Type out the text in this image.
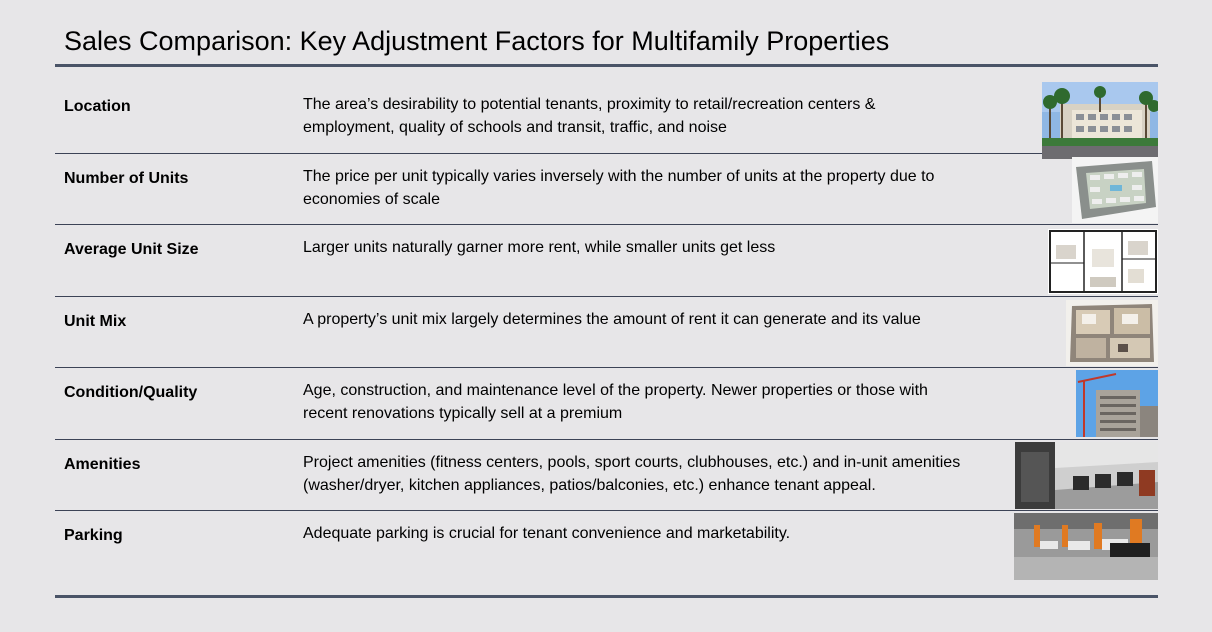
Sales Comparison: Key Adjustment Factors for Multifamily Properties
Location	The area’s desirability to potential tenants, proximity to retail/recreation centers & employment, quality of schools and transit, traffic, and noise
Number of Units	The price per unit typically varies inversely with the number of units at the property due to economies of scale
Average Unit Size	Larger units naturally garner more rent, while smaller units get less
Unit Mix	A property’s unit mix largely determines the amount of rent it can generate and its value
Condition/Quality	Age, construction, and maintenance level of the property. Newer properties or those with recent renovations typically sell at a premium
Amenities	Project amenities (fitness centers, pools, sport courts, clubhouses, etc.) and in-unit amenities (washer/dryer, kitchen appliances, patios/balconies, etc.) enhance tenant appeal.
Parking	Adequate parking is crucial for tenant convenience and marketability.
